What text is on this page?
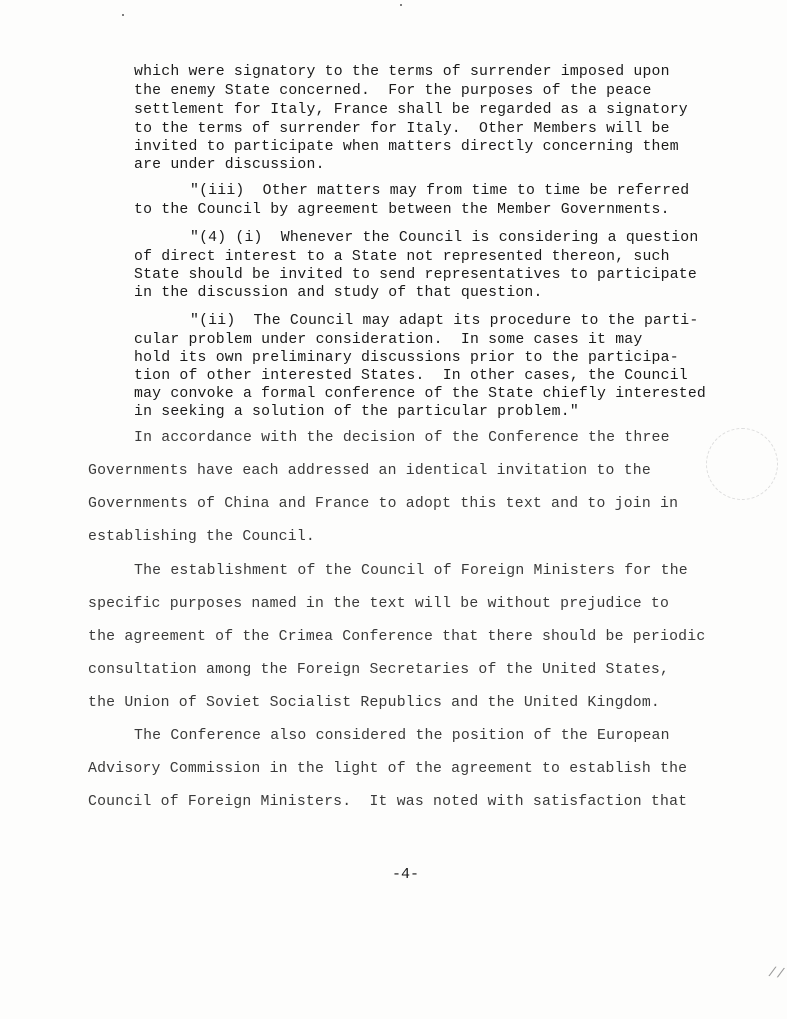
which were signatory to the terms of surrender imposed upon
the enemy State concerned.  For the purposes of the peace
settlement for Italy, France shall be regarded as a signatory
to the terms of surrender for Italy.  Other Members will be
invited to participate when matters directly concerning them
are under discussion.
"(iii)  Other matters may from time to time be referred
to the Council by agreement between the Member Governments.
"(4) (i)  Whenever the Council is considering a question
of direct interest to a State not represented thereon, such
State should be invited to send representatives to participate
in the discussion and study of that question.
"(ii)  The Council may adapt its procedure to the parti-
cular problem under consideration.  In some cases it may
hold its own preliminary discussions prior to the participa-
tion of other interested States.  In other cases, the Council
may convoke a formal conference of the State chiefly interested
in seeking a solution of the particular problem."
In accordance with the decision of the Conference the three
Governments have each addressed an identical invitation to the
Governments of China and France to adopt this text and to join in
establishing the Council.
The establishment of the Council of Foreign Ministers for the
specific purposes named in the text will be without prejudice to
the agreement of the Crimea Conference that there should be periodic
consultation among the Foreign Secretaries of the United States,
the Union of Soviet Socialist Republics and the United Kingdom.
The Conference also considered the position of the European
Advisory Commission in the light of the agreement to establish the
Council of Foreign Ministers.  It was noted with satisfaction that
-4-
//
